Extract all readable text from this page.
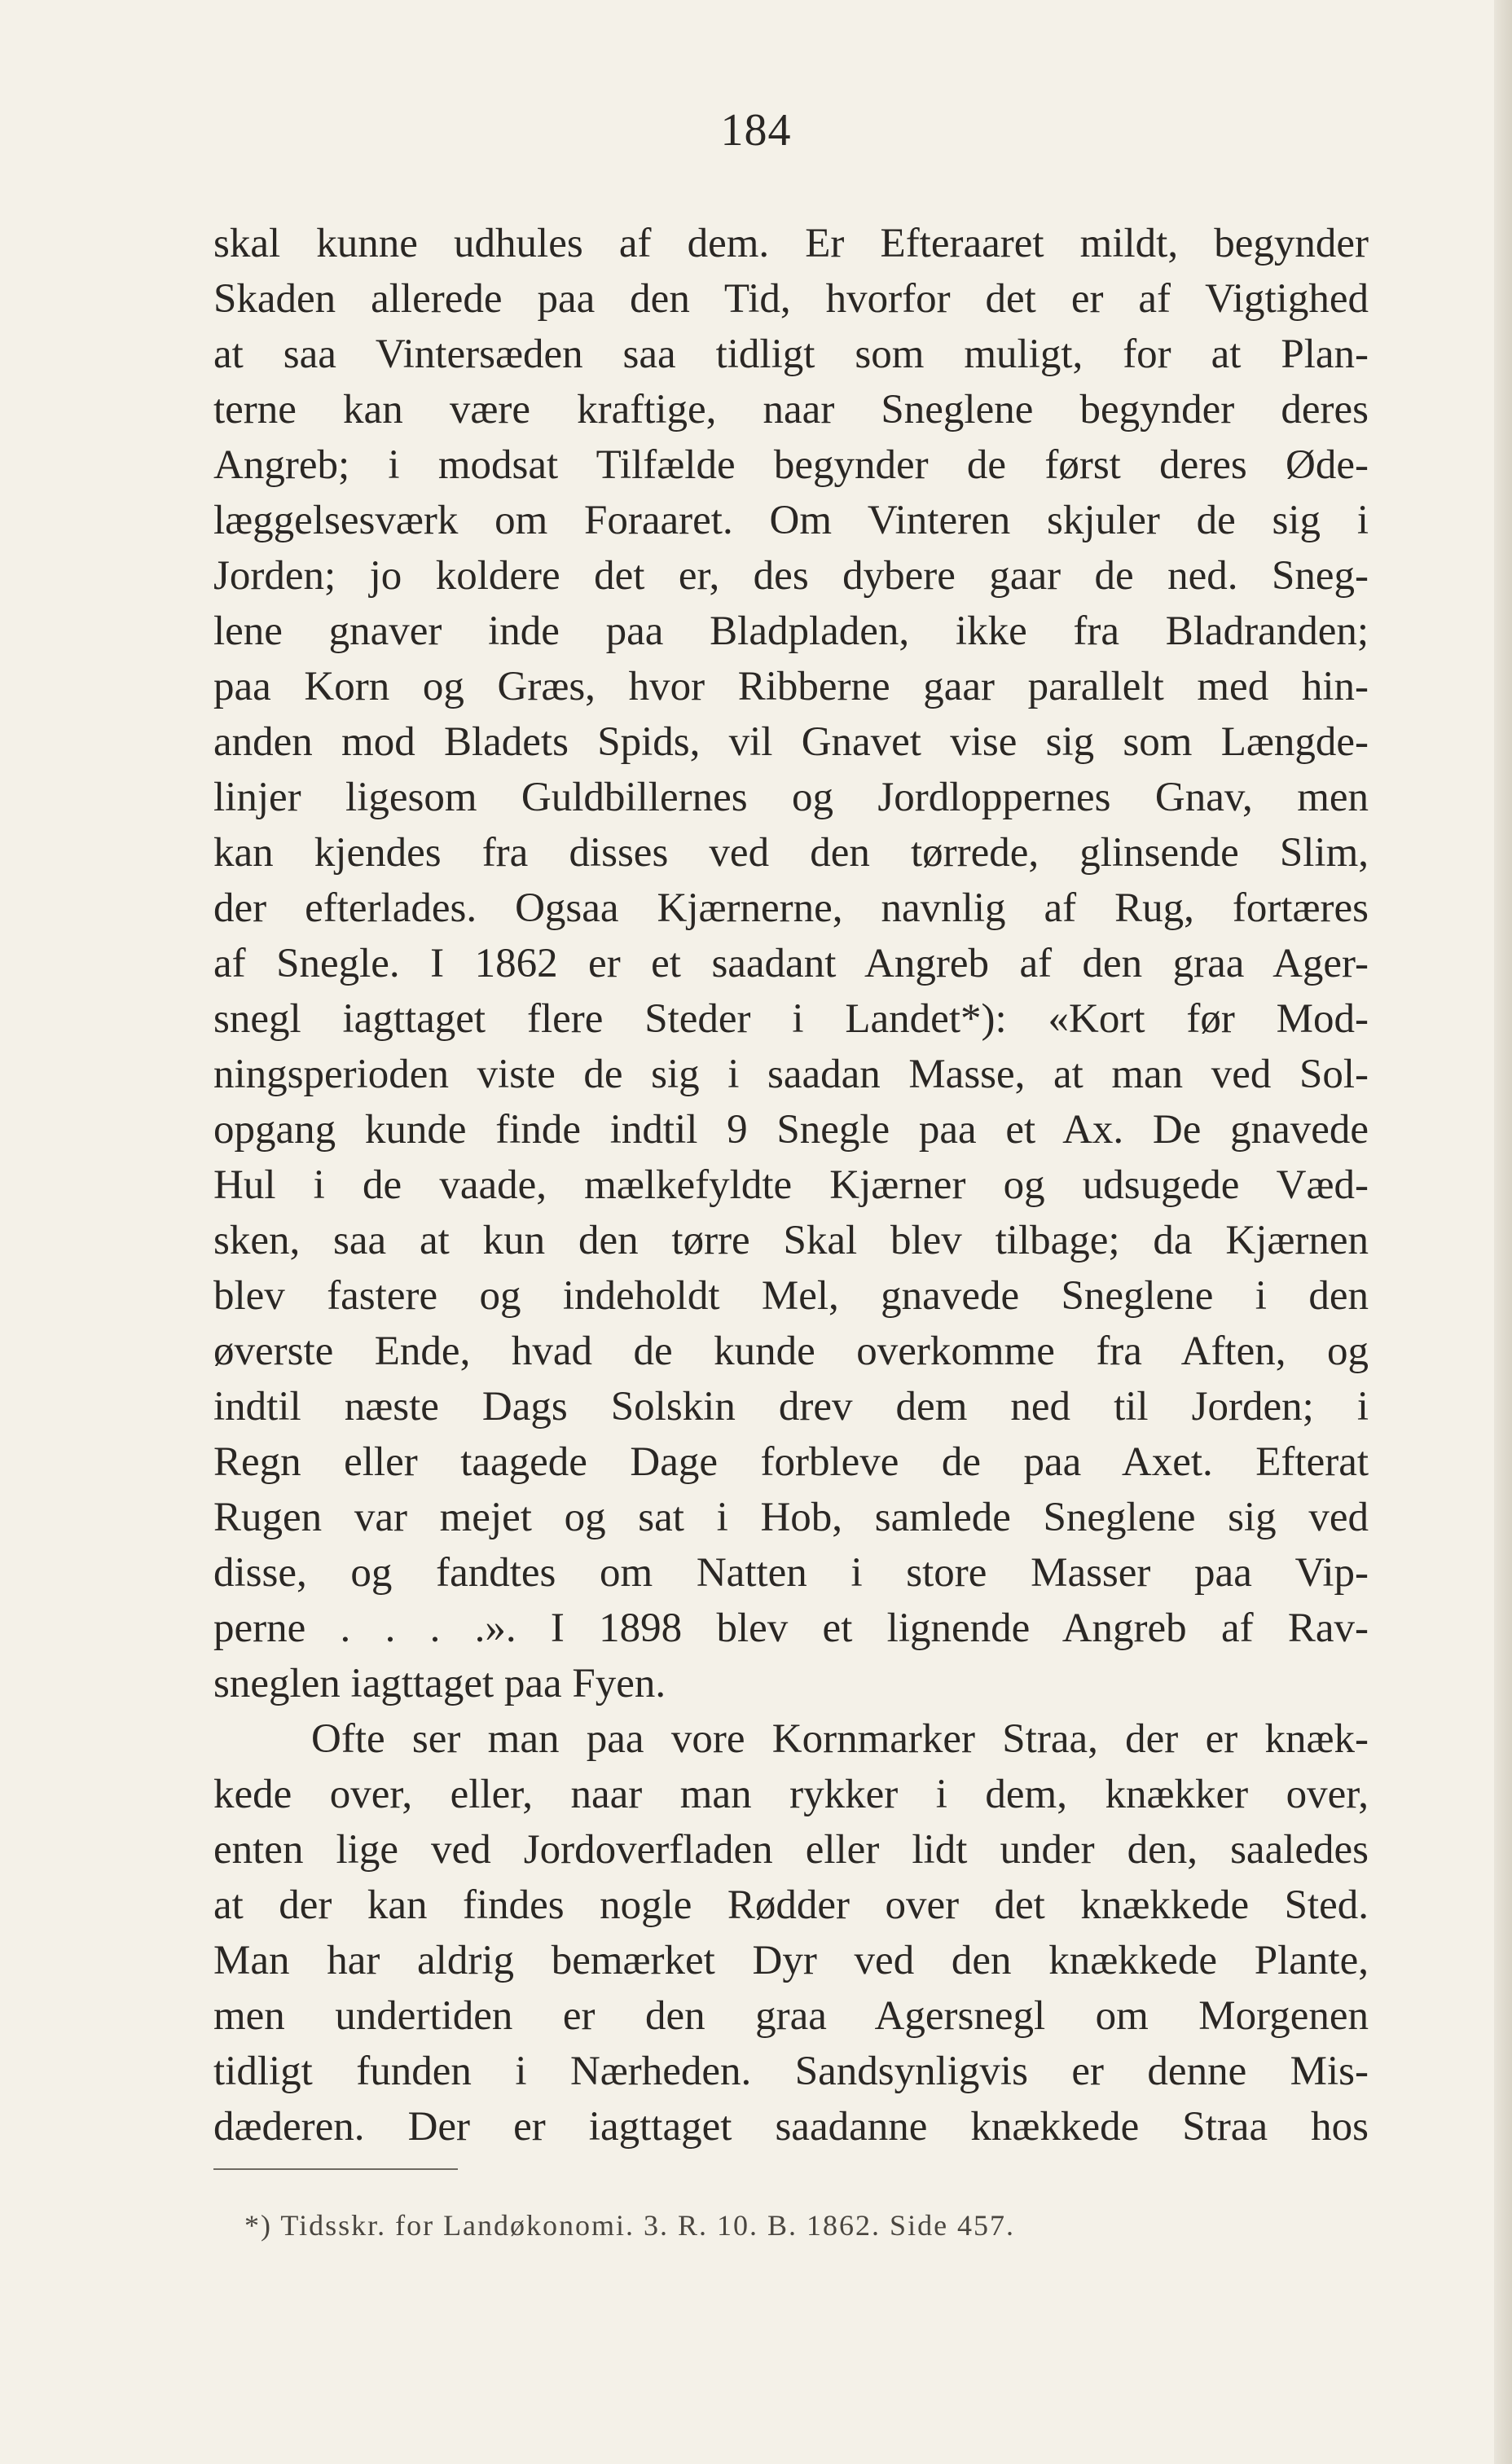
184
skal kunne udhules af dem. Er Efteraaret mildt, begynder
Skaden allerede paa den Tid, hvorfor det er af Vigtighed
at saa Vintersæden saa tidligt som muligt, for at Plan-
terne kan være kraftige, naar Sneglene begynder deres
Angreb; i modsat Tilfælde begynder de først deres Øde-
læggelsesværk om Foraaret. Om Vinteren skjuler de sig i
Jorden; jo koldere det er, des dybere gaar de ned. Sneg-
lene gnaver inde paa Bladpladen, ikke fra Bladranden;
paa Korn og Græs, hvor Ribberne gaar parallelt med hin-
anden mod Bladets Spids, vil Gnavet vise sig som Længde-
linjer ligesom Guldbillernes og Jordloppernes Gnav, men
kan kjendes fra disses ved den tørrede, glinsende Slim,
der efterlades. Ogsaa Kjærnerne, navnlig af Rug, fortæres
af Snegle. I 1862 er et saadant Angreb af den graa Ager-
snegl iagttaget flere Steder i Landet*): «Kort før Mod-
ningsperioden viste de sig i saadan Masse, at man ved Sol-
opgang kunde finde indtil 9 Snegle paa et Ax. De gnavede
Hul i de vaade, mælkefyldte Kjærner og udsugede Væd-
sken, saa at kun den tørre Skal blev tilbage; da Kjærnen
blev fastere og indeholdt Mel, gnavede Sneglene i den
øverste Ende, hvad de kunde overkomme fra Aften, og
indtil næste Dags Solskin drev dem ned til Jorden; i
Regn eller taagede Dage forbleve de paa Axet. Efterat
Rugen var mejet og sat i Hob, samlede Sneglene sig ved
disse, og fandtes om Natten i store Masser paa Vip-
perne . . . .». I 1898 blev et lignende Angreb af Rav-
sneglen iagttaget paa Fyen.
Ofte ser man paa vore Kornmarker Straa, der er knæk-
kede over, eller, naar man rykker i dem, knækker over,
enten lige ved Jordoverfladen eller lidt under den, saaledes
at der kan findes nogle Rødder over det knækkede Sted.
Man har aldrig bemærket Dyr ved den knækkede Plante,
men undertiden er den graa Agersnegl om Morgenen
tidligt funden i Nærheden. Sandsynligvis er denne Mis-
dæderen. Der er iagttaget saadanne knækkede Straa hos
*) Tidsskr. for Landøkonomi. 3. R. 10. B. 1862. Side 457.
